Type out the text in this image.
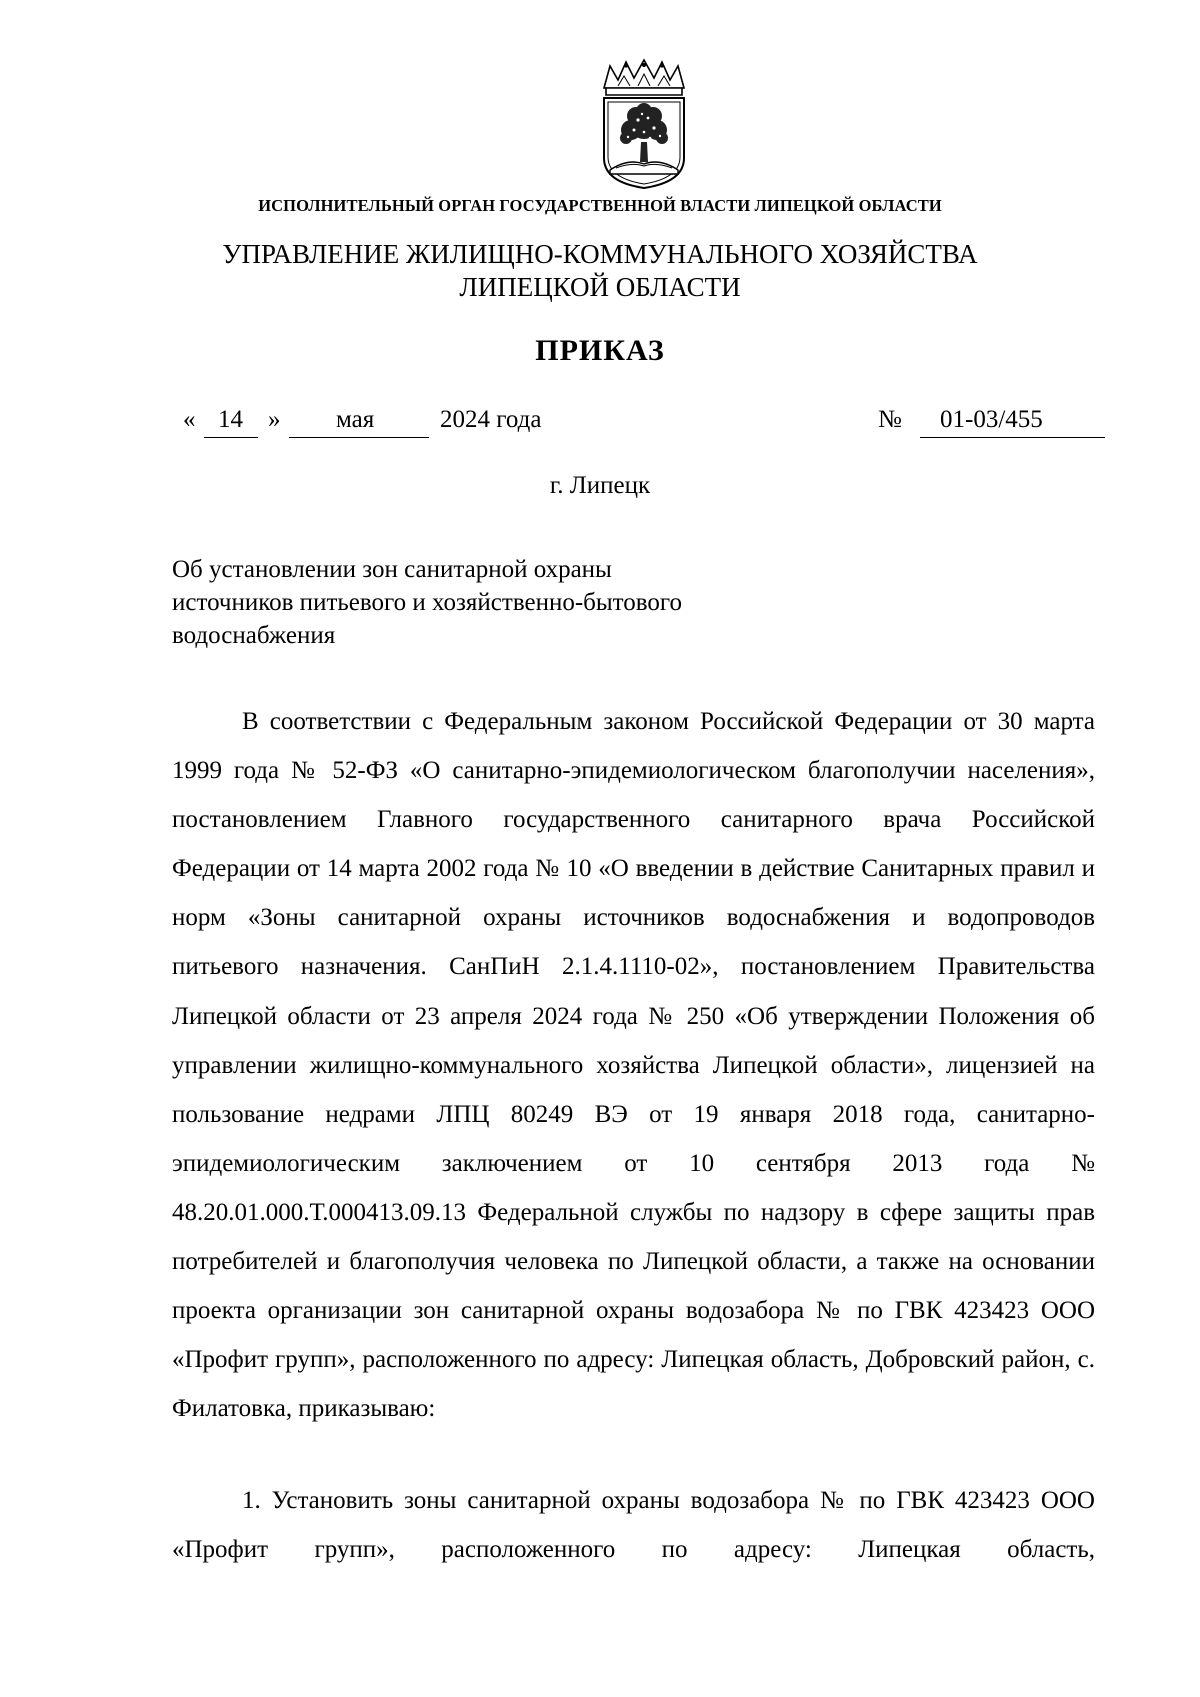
ИСПОЛНИТЕЛЬНЫЙ ОРГАН ГОСУДАРСТВЕННОЙ ВЛАСТИ ЛИПЕЦКОЙ ОБЛАСТИ
УПРАВЛЕНИЕ ЖИЛИЩНО-КОММУНАЛЬНОГО ХОЗЯЙСТВА
ЛИПЕЦКОЙ ОБЛАСТИ
ПРИКАЗ
« 14 » мая	2024 года	№ 01-03/455
г. Липецк
Об установлении зон санитарной охраны
источников питьевого и хозяйственно-бытового
водоснабжения

В соответствии с Федеральным законом Российской Федерации от 30 марта 1999 года № 52-ФЗ «О санитарно-эпидемиологическом благополучии населения», постановлением Главного государственного санитарного врача Российской Федерации от 14 марта 2002 года № 10 «О введении в действие Санитарных правил и норм «Зоны санитарной охраны источников водоснабжения и водопроводов питьевого назначения. СанПиН 2.1.4.1110-02», постановлением Правительства Липецкой области от 23 апреля 2024 года № 250 «Об утверждении Положения об управлении жилищно-коммунального хозяйства Липецкой области», лицензией на пользование недрами ЛПЦ 80249 ВЭ от 19 января 2018 года, санитарно-эпидемиологическим заключением от 10 сентября 2013 года № 48.20.01.000.Т.000413.09.13 Федеральной службы по надзору в сфере защиты прав потребителей и благополучия человека по Липецкой области, а также на основании проекта организации зон санитарной охраны водозабора № по ГВК 423423 ООО «Профит групп», расположенного по адресу: Липецкая область, Добровский район, с. Филатовка, приказываю:

1. Установить зоны санитарной охраны водозабора № по ГВК 423423 ООО «Профит групп», расположенного по адресу: Липецкая область,
